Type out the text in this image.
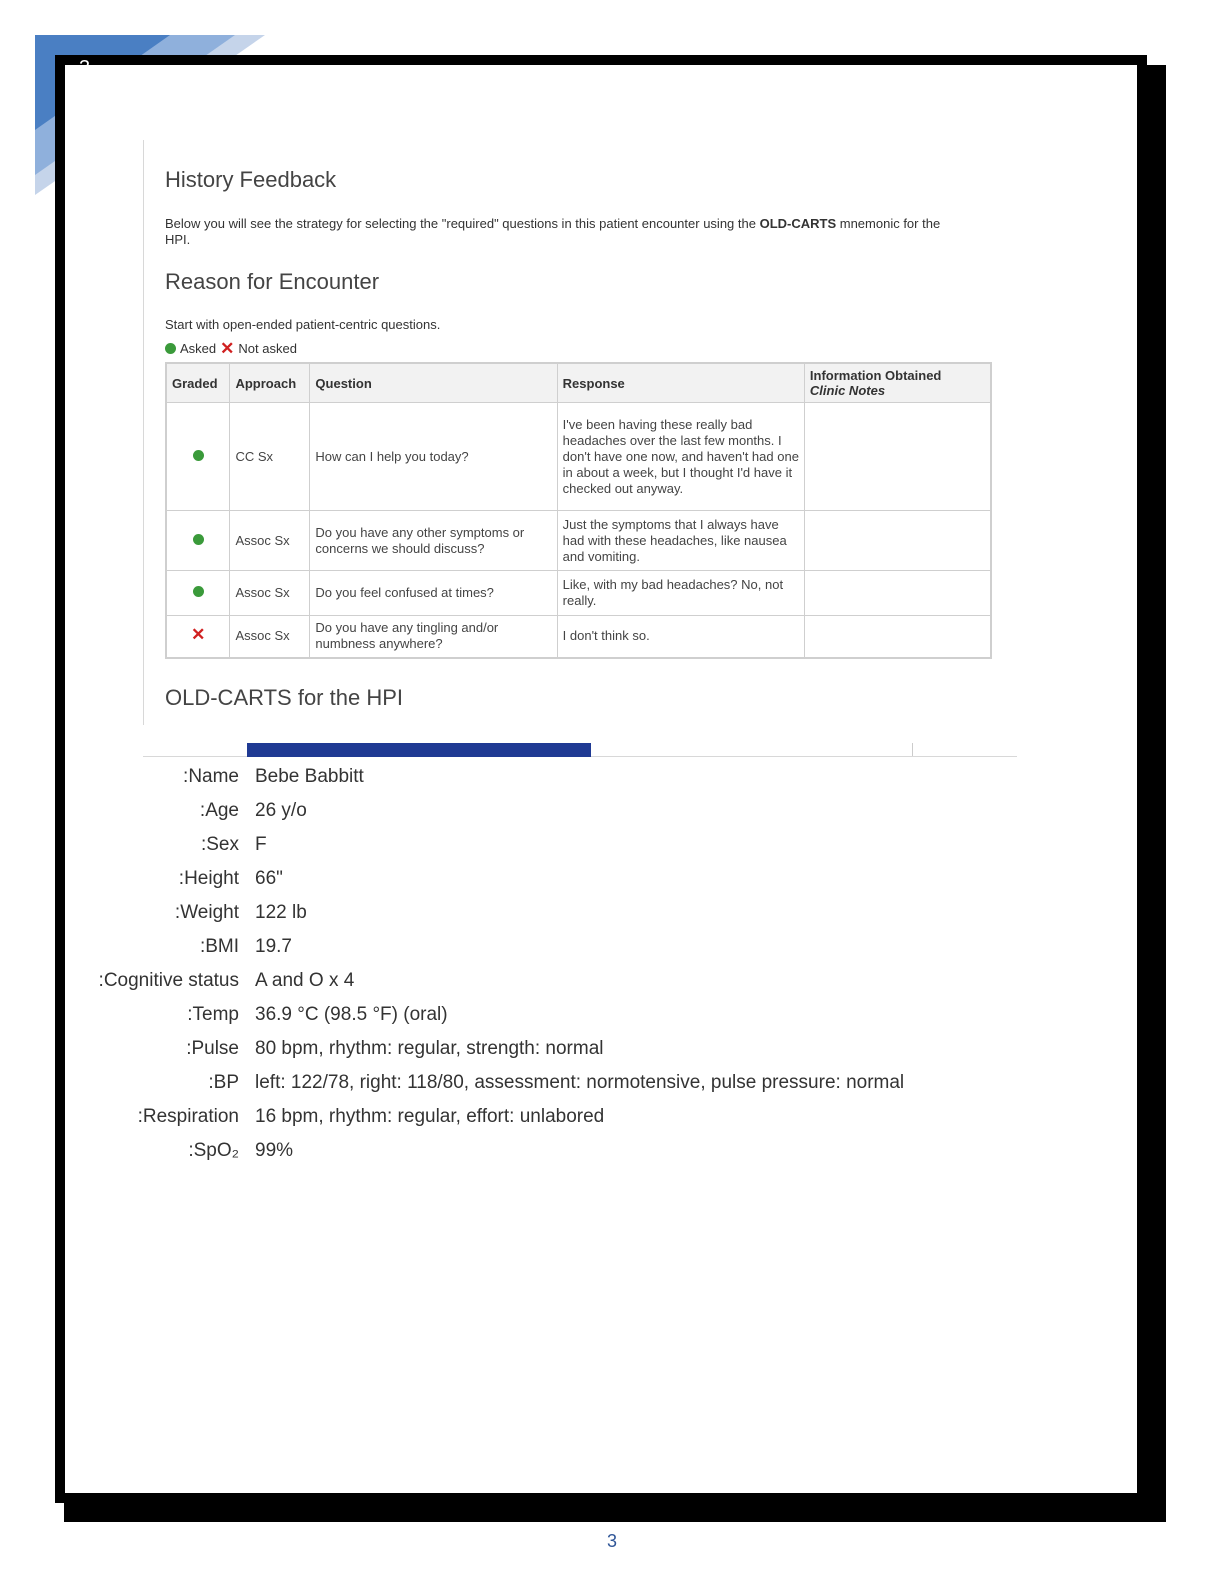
3
History Feedback

Below you will see the strategy for selecting the "required" questions in this patient encounter using the OLD-CARTS mnemonic for the HPI.

Reason for Encounter

Start with open-ended patient-centric questions.

Asked ✕ Not asked
Graded	Approach	Question	Response	Information Obtained
Clinic Notes
	CC Sx	How can I help you today?	I've been having these really bad headaches over the last few months. I don't have one now, and haven't had one in about a week, but I thought I'd have it checked out anyway.	
	Assoc Sx	Do you have any other symptoms or concerns we should discuss?	Just the symptoms that I always have had with these headaches, like nausea and vomiting.	
	Assoc Sx	Do you feel confused at times?	Like, with my bad headaches? No, not really.	
✕	Assoc Sx	Do you have any tingling and/or numbness anywhere?	I don't think so.	
OLD-CARTS for the HPI
Name: Bebe Babbitt
Age: 26 y/o
Sex: F
Height: 66"
Weight: 122 lb
BMI: 19.7
Cognitive status: A and O x 4
Temp: 36.9 °C (98.5 °F) (oral)
Pulse: 80 bpm, rhythm: regular, strength: normal
BP: left: 122/78, right: 118/80, assessment: normotensive, pulse pressure: normal
Respiration: 16 bpm, rhythm: regular, effort: unlabored
SpO₂: 99%
3
